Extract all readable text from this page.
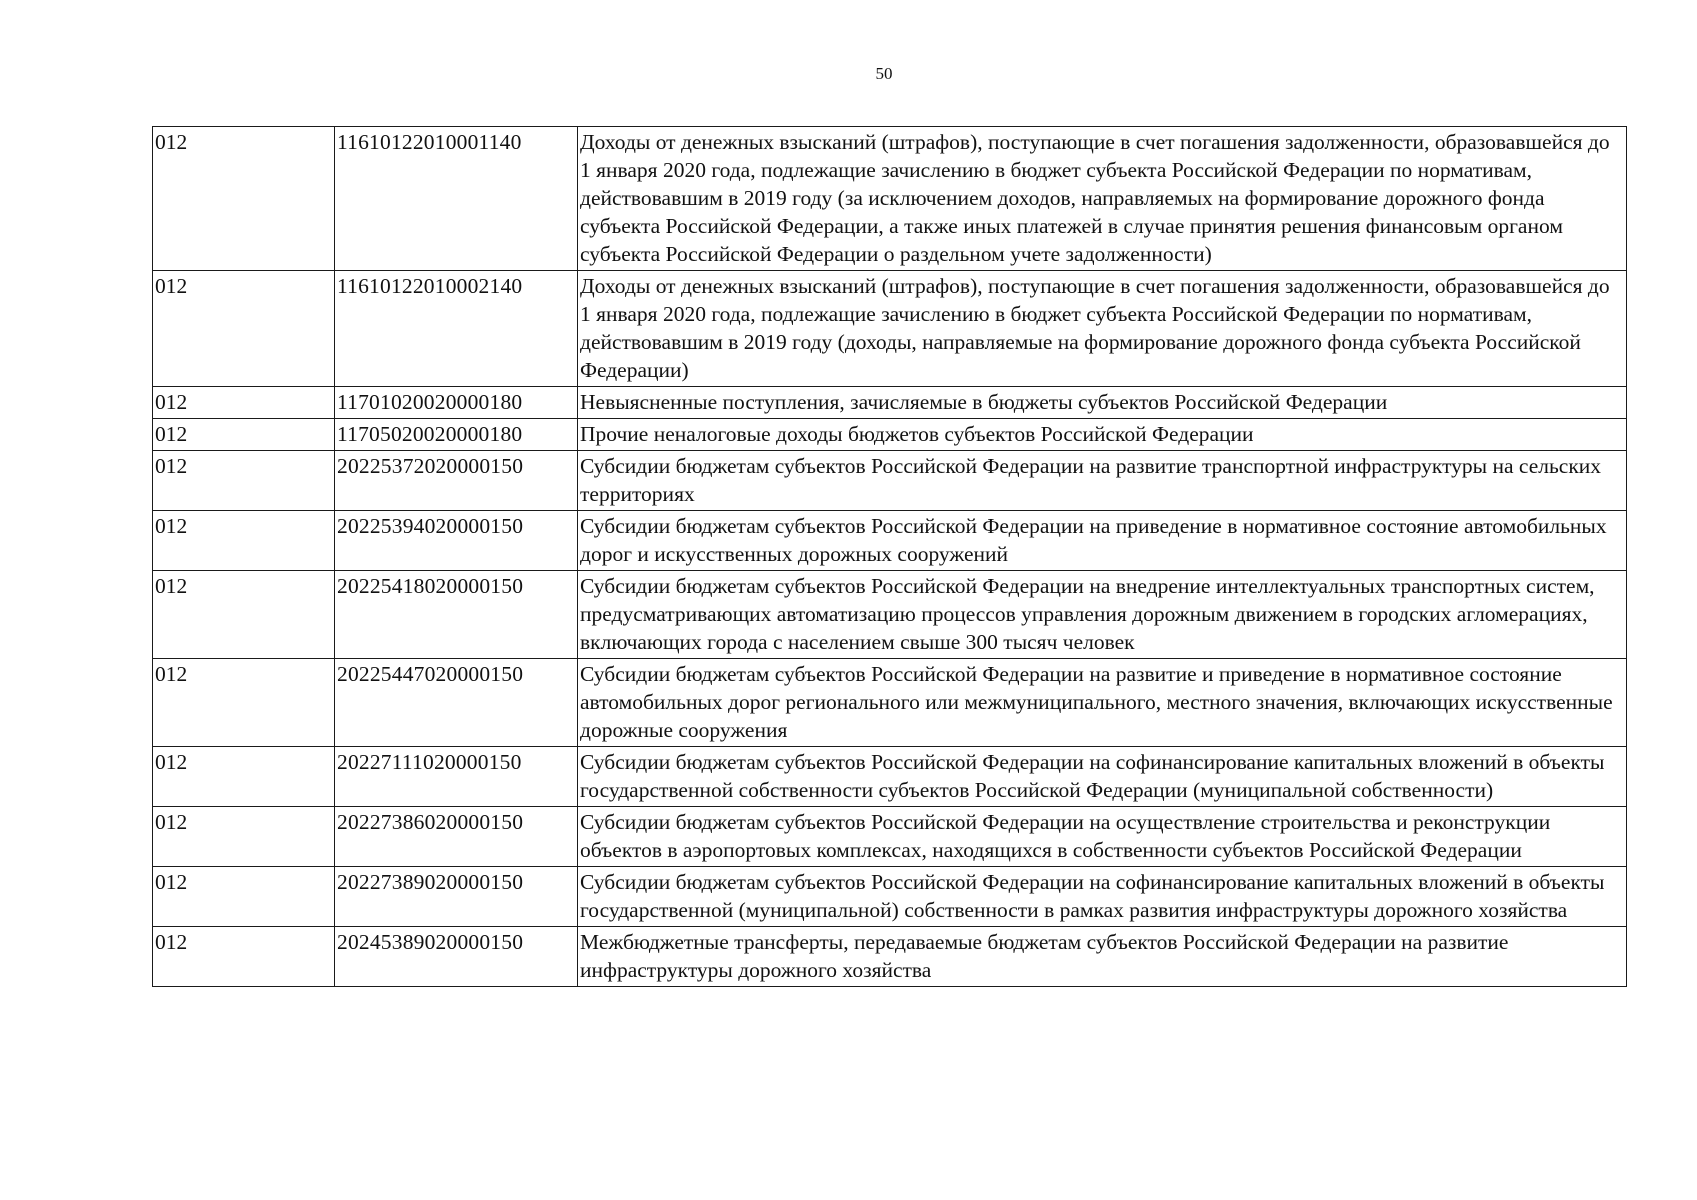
50
012	11610122010001140	Доходы от денежных взысканий (штрафов), поступающие в счет погашения задолженности, образовавшейся до 1 января 2020 года, подлежащие зачислению в бюджет субъекта Российской Федерации по нормативам, действовавшим в 2019 году (за исключением доходов, направляемых на формирование дорожного фонда субъекта Российской Федерации, а также иных платежей в случае принятия решения финансовым органом субъекта Российской Федерации о раздельном учете задолженности)
012	11610122010002140	Доходы от денежных взысканий (штрафов), поступающие в счет погашения задолженности, образовавшейся до 1 января 2020 года, подлежащие зачислению в бюджет субъекта Российской Федерации по нормативам, действовавшим в 2019 году (доходы, направляемые на формирование дорожного фонда субъекта Российской Федерации)
012	11701020020000180	Невыясненные поступления, зачисляемые в бюджеты субъектов Российской Федерации
012	11705020020000180	Прочие неналоговые доходы бюджетов субъектов Российской Федерации
012	20225372020000150	Субсидии бюджетам субъектов Российской Федерации на развитие транспортной инфраструктуры на сельских территориях
012	20225394020000150	Субсидии бюджетам субъектов Российской Федерации на приведение в нормативное состояние автомобильных дорог и искусственных дорожных сооружений
012	20225418020000150	Субсидии бюджетам субъектов Российской Федерации на внедрение интеллектуальных транспортных систем, предусматривающих автоматизацию процессов управления дорожным движением в городских агломерациях, включающих города с населением свыше 300 тысяч человек
012	20225447020000150	Субсидии бюджетам субъектов Российской Федерации на развитие и приведение в нормативное состояние автомобильных дорог регионального или межмуниципального, местного значения, включающих искусственные дорожные сооружения
012	20227111020000150	Субсидии бюджетам субъектов Российской Федерации на софинансирование капитальных вложений в объекты государственной собственности субъектов Российской Федерации (муниципальной собственности)
012	20227386020000150	Субсидии бюджетам субъектов Российской Федерации на осуществление строительства и реконструкции объектов в аэропортовых комплексах, находящихся в собственности субъектов Российской Федерации
012	20227389020000150	Субсидии бюджетам субъектов Российской Федерации на софинансирование капитальных вложений в объекты государственной (муниципальной) собственности в рамках развития инфраструктуры дорожного хозяйства
012	20245389020000150	Межбюджетные трансферты, передаваемые бюджетам субъектов Российской Федерации на развитие инфраструктуры дорожного хозяйства
